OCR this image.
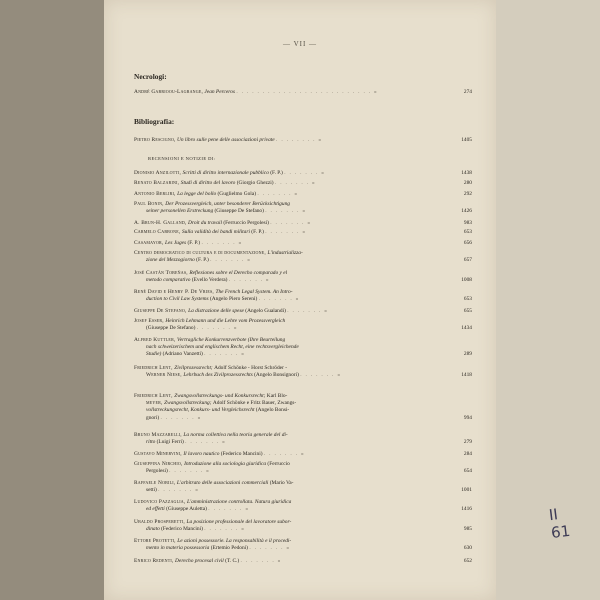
— VII —
Necrologi:
André Gabrioou-Lagrange, Jean Perceros . . . . . . . . . . . . . . . . . . . . . . . . . . »	274
Bibliografia:
Pietro Rescigno, Un libro sulle pene delle associazioni private . . . . . . . . »	1405
RECENSIONI E NOTIZIE DI:
Dionisio Anzilotti, Scritti di diritto internazionale pubblico (F. P.) . . . . . . . »	1438
Renato Balzarini, Studi di diritto del lavoro (Giorgio Ghezzi) . . . . . . . »	280
Antonio Berliri, La legge del bollo (Guglielmo Gola) . . . . . . . »	292
Paul Bonin, Der Prozessvergleich, unter besonderer Berücksichtigung
seiner personellen Erstreckung (Giuseppe De Stefano) . . . . . . . »	1426
A. Brun-H. Galland, Droit du travail (Ferruccio Pergolesi) . . . . . . . »	983
Carmelo Cabbone, Sulla validità dei bandi militari (F. P.) . . . . . . . »	653
Casamayor, Les Juges (F. P.) . . . . . . . »	656
Centro democratico di cultura e di documentazione, L'industrializza-
zione del Mezzogiorno (F. P.) . . . . . . . »	657
José Castán Tobeñas, Reflexiones sobre el Derecho comparado y el
metodo comparativo (Evello Verdera) . . . . . . . »	1008
René David e Henry P. De Vries, The French Legal System. An Intro-
duction to Civil Law Systems (Angelo Piero Sereni) . . . . . . . »	653
Giuseppe De Stefano, La distrazione delle spese (Angelo Gualandi) . . . . . . . »	655
Josef Esser, Heinrich Lehmann und die Lehre vom Prozessvergleich
(Giuseppe De Stefano) . . . . . . . »	1434
Alfred Kuttler, Vertragliche Konkurrenzverbote (Ihre Beurteilung
nach schweizerischem und englischem Recht, eine rechtsvergleichende
Studie) (Adriano Vanzetti) . . . . . . . »	289
Friedrich Lent, Zivilprozessrecht; Adolf Schönke - Horst Schröder -
Werner Niese, Lehrbuch des Zivilprozessrechts (Angelo Bonsignori) . . . . . . . »	1418
Friedrich Lent, Zwangsvollstreckungs- und Konkursrecht; Karl Blo-
meyer, Zwangsvollstreckung; Adolf Schönke e Fritz Bauer, Zwangs-
vollstreckungsrecht, Konkurs- und Vergleichsrecht (Angelo Bonsi-
gnori) . . . . . . . »	994
Bruno Mazzarelli, La norma collettiva nella teoria generale del di-
ritto (Luigi Ferri) . . . . . . . »	279
Gustavo Minervini, Il lavoro nautico (Federico Mancini) . . . . . . . »	284
Giuseppina Nirchio, Introduzione alla sociologia giuridica (Ferruccio
Pergolesi) . . . . . . . »	654
Raffaele Nobili, L'arbitrato delle associazioni commerciali (Mario Va-
setti) . . . . . . . »	1001
Ludovico Pazzaglia, L'amministrazione controllata. Natura giuridica
ed effetti (Giuseppe Auletta) . . . . . . . »	1416
Ubaldo Prosperetti, La posizione professionale del lavoratore subor-
dinato (Federico Mancini) . . . . . . . »	985
Ettore Protetti, Le azioni possessorie. La responsabilità e il procedi-
mento in materia possessoria (Ertemio Pedoni) . . . . . . . »	630
Enrico Redenti, Derecho procesal civil (T. C.) . . . . . . . »	652
II 61
